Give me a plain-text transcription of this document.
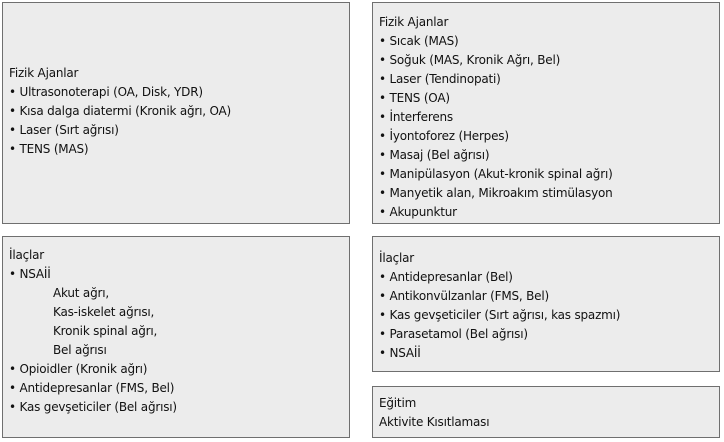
Fizik Ajanlar
• Ultrasonoterapi (OA, Disk, YDR)
• Kısa dalga diatermi (Kronik ağrı, OA)
• Laser (Sırt ağrısı)
• TENS (MAS)
Fizik Ajanlar
• Sıcak (MAS)
• Soğuk (MAS, Kronik Ağrı, Bel)
• Laser (Tendinopati)
• TENS (OA)
• İnterferens
• İyontoforez (Herpes)
• Masaj (Bel ağrısı)
• Manipülasyon (Akut-kronik spinal ağrı)
• Manyetik alan, Mikroakım stimülasyon
• Akupunktur
İlaçlar
• NSAİİ
Akut ağrı,
Kas-iskelet ağrısı,
Kronik spinal ağrı,
Bel ağrısı
• Opioidler (Kronik ağrı)
• Antidepresanlar (FMS, Bel)
• Kas gevşeticiler (Bel ağrısı)
İlaçlar
• Antidepresanlar (Bel)
• Antikonvülzanlar (FMS, Bel)
• Kas gevşeticiler (Sırt ağrısı, kas spazmı)
• Parasetamol (Bel ağrısı)
• NSAİİ
Eğitim
Aktivite Kısıtlaması
